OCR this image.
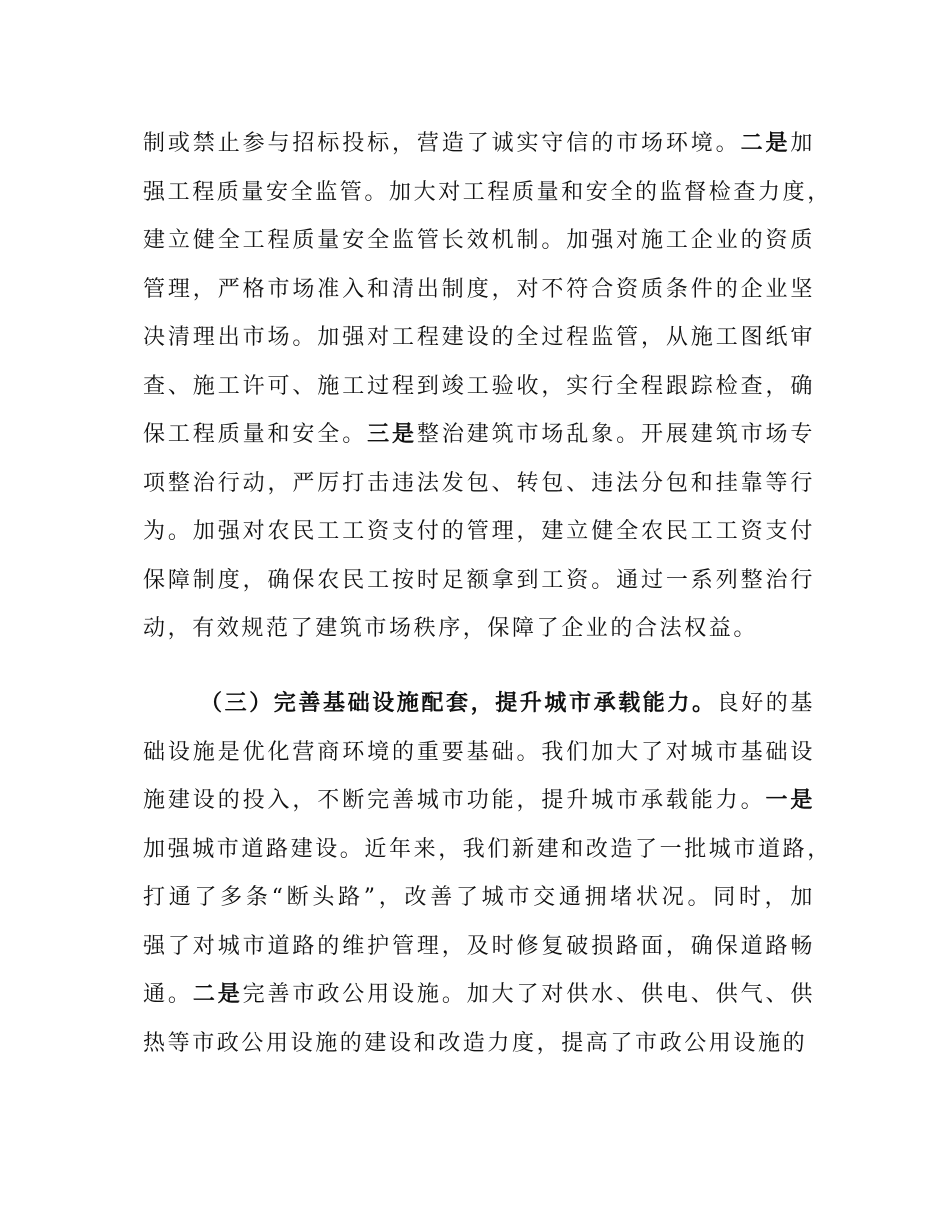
制或禁止参与招标投标，营造了诚实守信的市场环境。二是加
强工程质量安全监管。加大对工程质量和安全的监督检查力度，
建立健全工程质量安全监管长效机制。加强对施工企业的资质
管理，严格市场准入和清出制度，对不符合资质条件的企业坚
决清理出市场。加强对工程建设的全过程监管，从施工图纸审
查、施工许可、施工过程到竣工验收，实行全程跟踪检查，确
保工程质量和安全。三是整治建筑市场乱象。开展建筑市场专
项整治行动，严厉打击违法发包、转包、违法分包和挂靠等行
为。加强对农民工工资支付的管理，建立健全农民工工资支付
保障制度，确保农民工按时足额拿到工资。通过一系列整治行
动，有效规范了建筑市场秩序，保障了企业的合法权益。
（三）完善基础设施配套，提升城市承载能力。良好的基
础设施是优化营商环境的重要基础。我们加大了对城市基础设
施建设的投入，不断完善城市功能，提升城市承载能力。一是
加强城市道路建设。近年来，我们新建和改造了一批城市道路，
打通了多条“断头路”，改善了城市交通拥堵状况。同时，加
强了对城市道路的维护管理，及时修复破损路面，确保道路畅
通。二是完善市政公用设施。加大了对供水、供电、供气、供
热等市政公用设施的建设和改造力度，提高了市政公用设施的
